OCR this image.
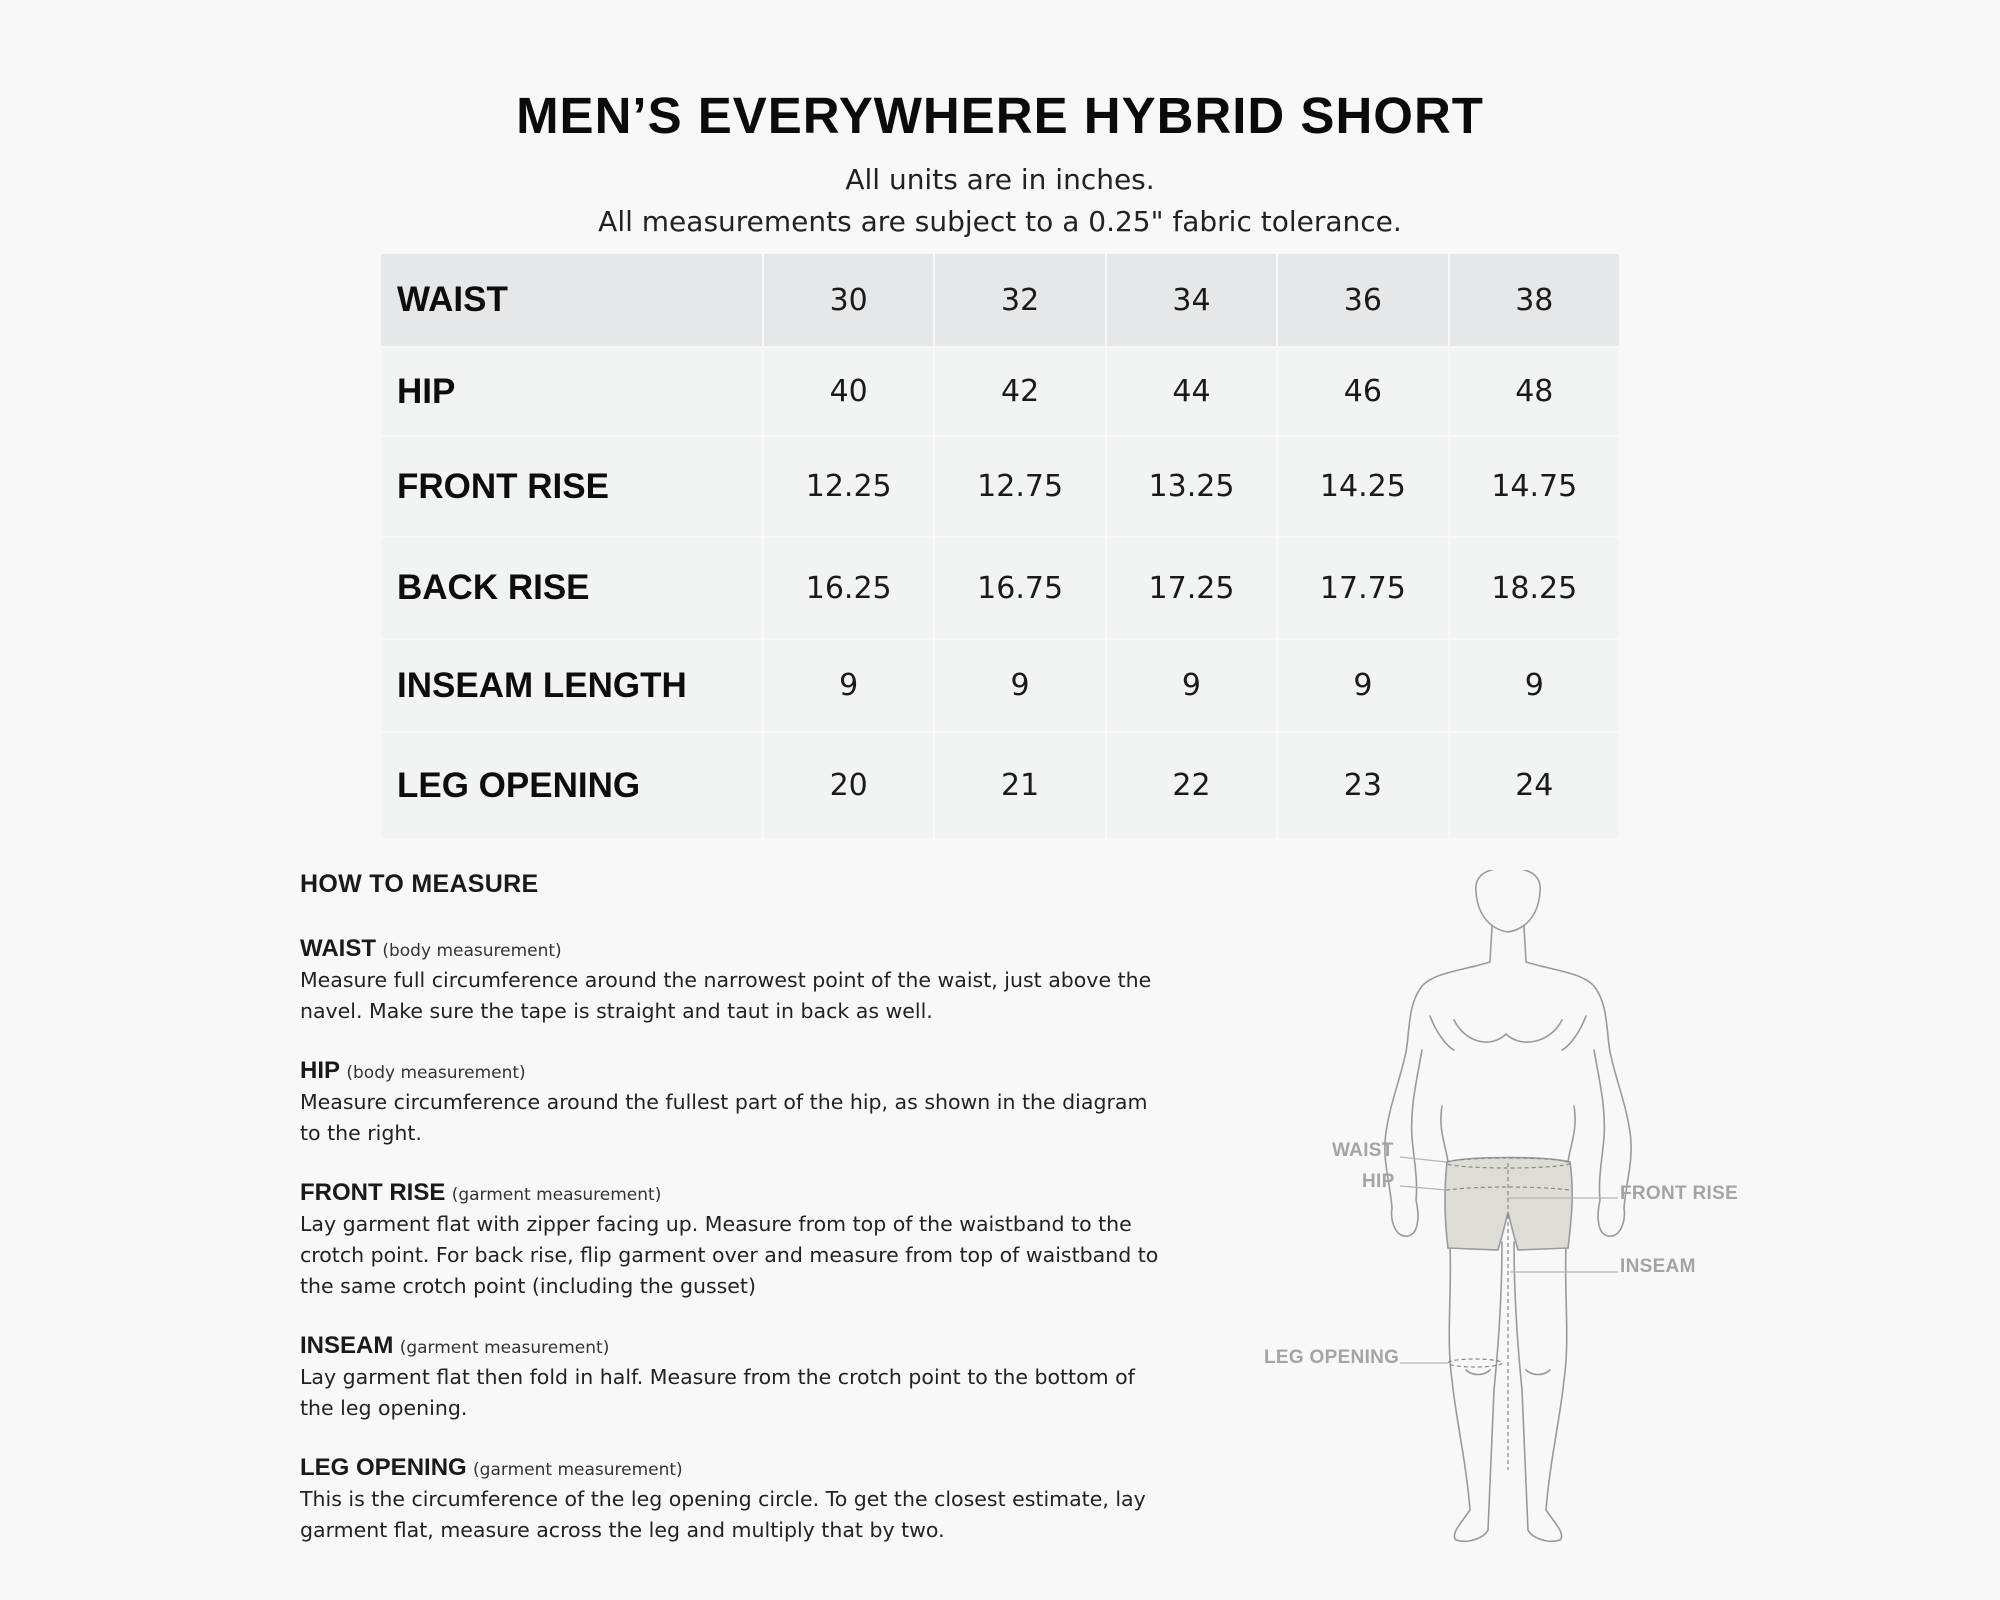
MEN’S EVERYWHERE HYBRID SHORT
All units are in inches.
All measurements are subject to a 0.25" fabric tolerance.
WAIST	30	32	34	36	38
HIP	40	42	44	46	48
FRONT RISE	12.25	12.75	13.25	14.25	14.75
BACK RISE	16.25	16.75	17.25	17.75	18.25
INSEAM LENGTH	9	9	9	9	9
LEG OPENING	20	21	22	23	24
HOW TO MEASURE
WAIST (body measurement)
Measure full circumference around the narrowest point of the waist, just above the navel. Make sure the tape is straight and taut in back as well.
HIP (body measurement)
Measure circumference around the fullest part of the hip, as shown in the diagram to the right.
FRONT RISE (garment measurement)
Lay garment flat with zipper facing up. Measure from top of the waistband to the crotch point. For back rise, flip garment over and measure from top of waistband to the same crotch point (including the gusset)
INSEAM (garment measurement)
Lay garment flat then fold in half. Measure from the crotch point to the bottom of the leg opening.
LEG OPENING (garment measurement)
This is the circumference of the leg opening circle. To get the closest estimate, lay garment flat, measure across the leg and multiply that by two.
WAIST
HIP
FRONT RISE
INSEAM
LEG OPENING
